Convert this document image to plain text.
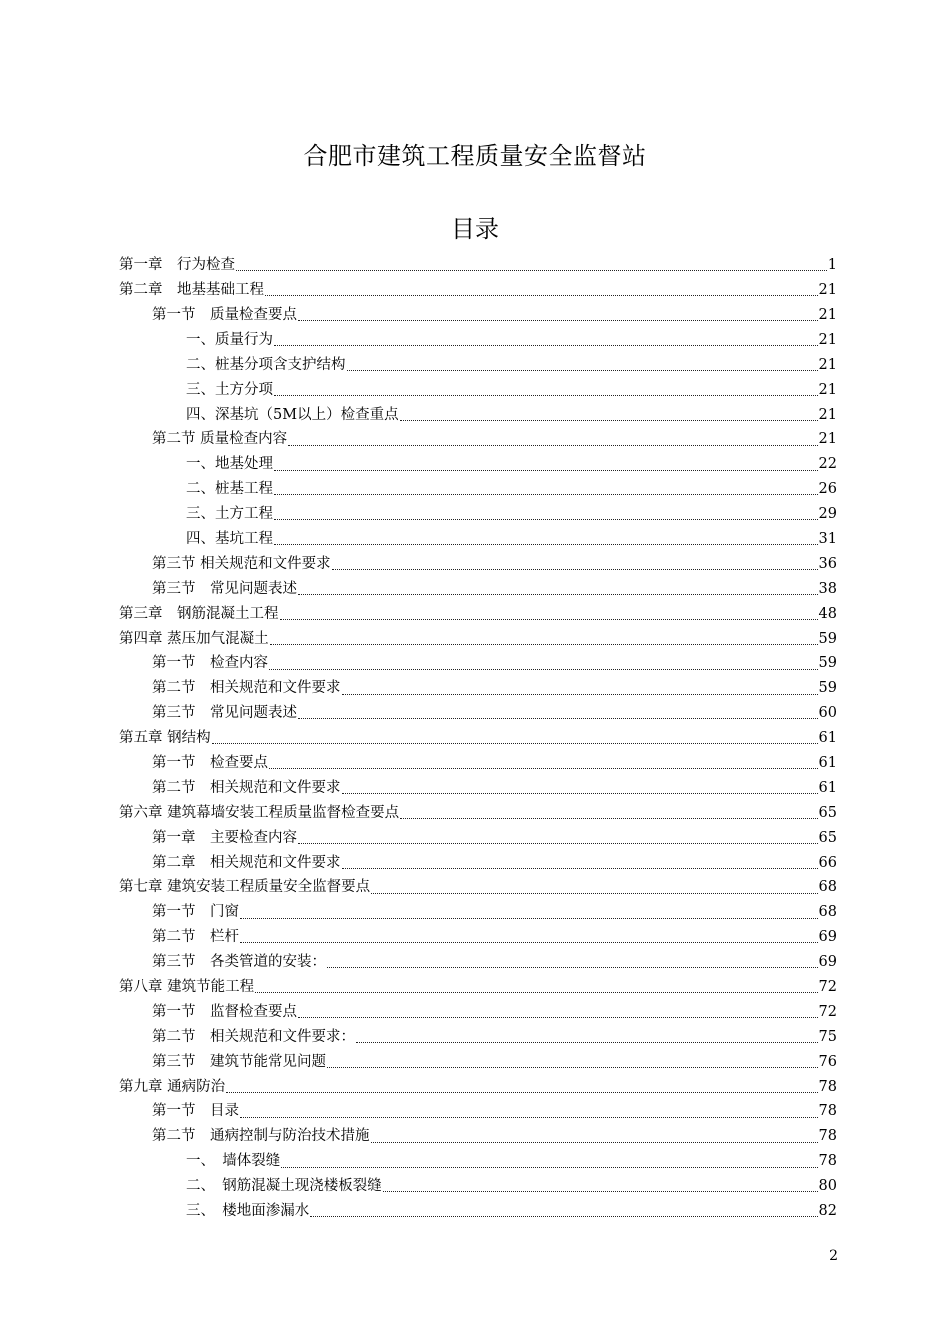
合肥市建筑工程质量安全监督站
目录
第一章　行为检查	1
第二章　地基基础工程	21
第一节　质量检查要点	21
一、质量行为	21
二、桩基分项含支护结构	21
三、土方分项	21
四、深基坑（5M以上）检查重点	21
第二节 质量检查内容	21
一、地基处理	22
二、桩基工程	26
三、土方工程	29
四、基坑工程	31
第三节 相关规范和文件要求	36
第三节　常见问题表述	38
第三章　钢筋混凝土工程	48
第四章 蒸压加气混凝土	59
第一节　检查内容	59
第二节　相关规范和文件要求	59
第三节　常见问题表述	60
第五章 钢结构	61
第一节　检查要点	61
第二节　相关规范和文件要求	61
第六章 建筑幕墙安装工程质量监督检查要点	65
第一章　主要检查内容	65
第二章　相关规范和文件要求	66
第七章 建筑安装工程质量安全监督要点	68
第一节　门窗	68
第二节　栏杆	69
第三节　各类管道的安装：	69
第八章 建筑节能工程	72
第一节　监督检查要点	72
第二节　相关规范和文件要求：	75
第三节　建筑节能常见问题	76
第九章 通病防治	78
第一节　目录	78
第二节　通病控制与防治技术措施	78
一、　墙体裂缝	78
二、　钢筋混凝土现浇楼板裂缝	80
三、　楼地面渗漏水	82
2
